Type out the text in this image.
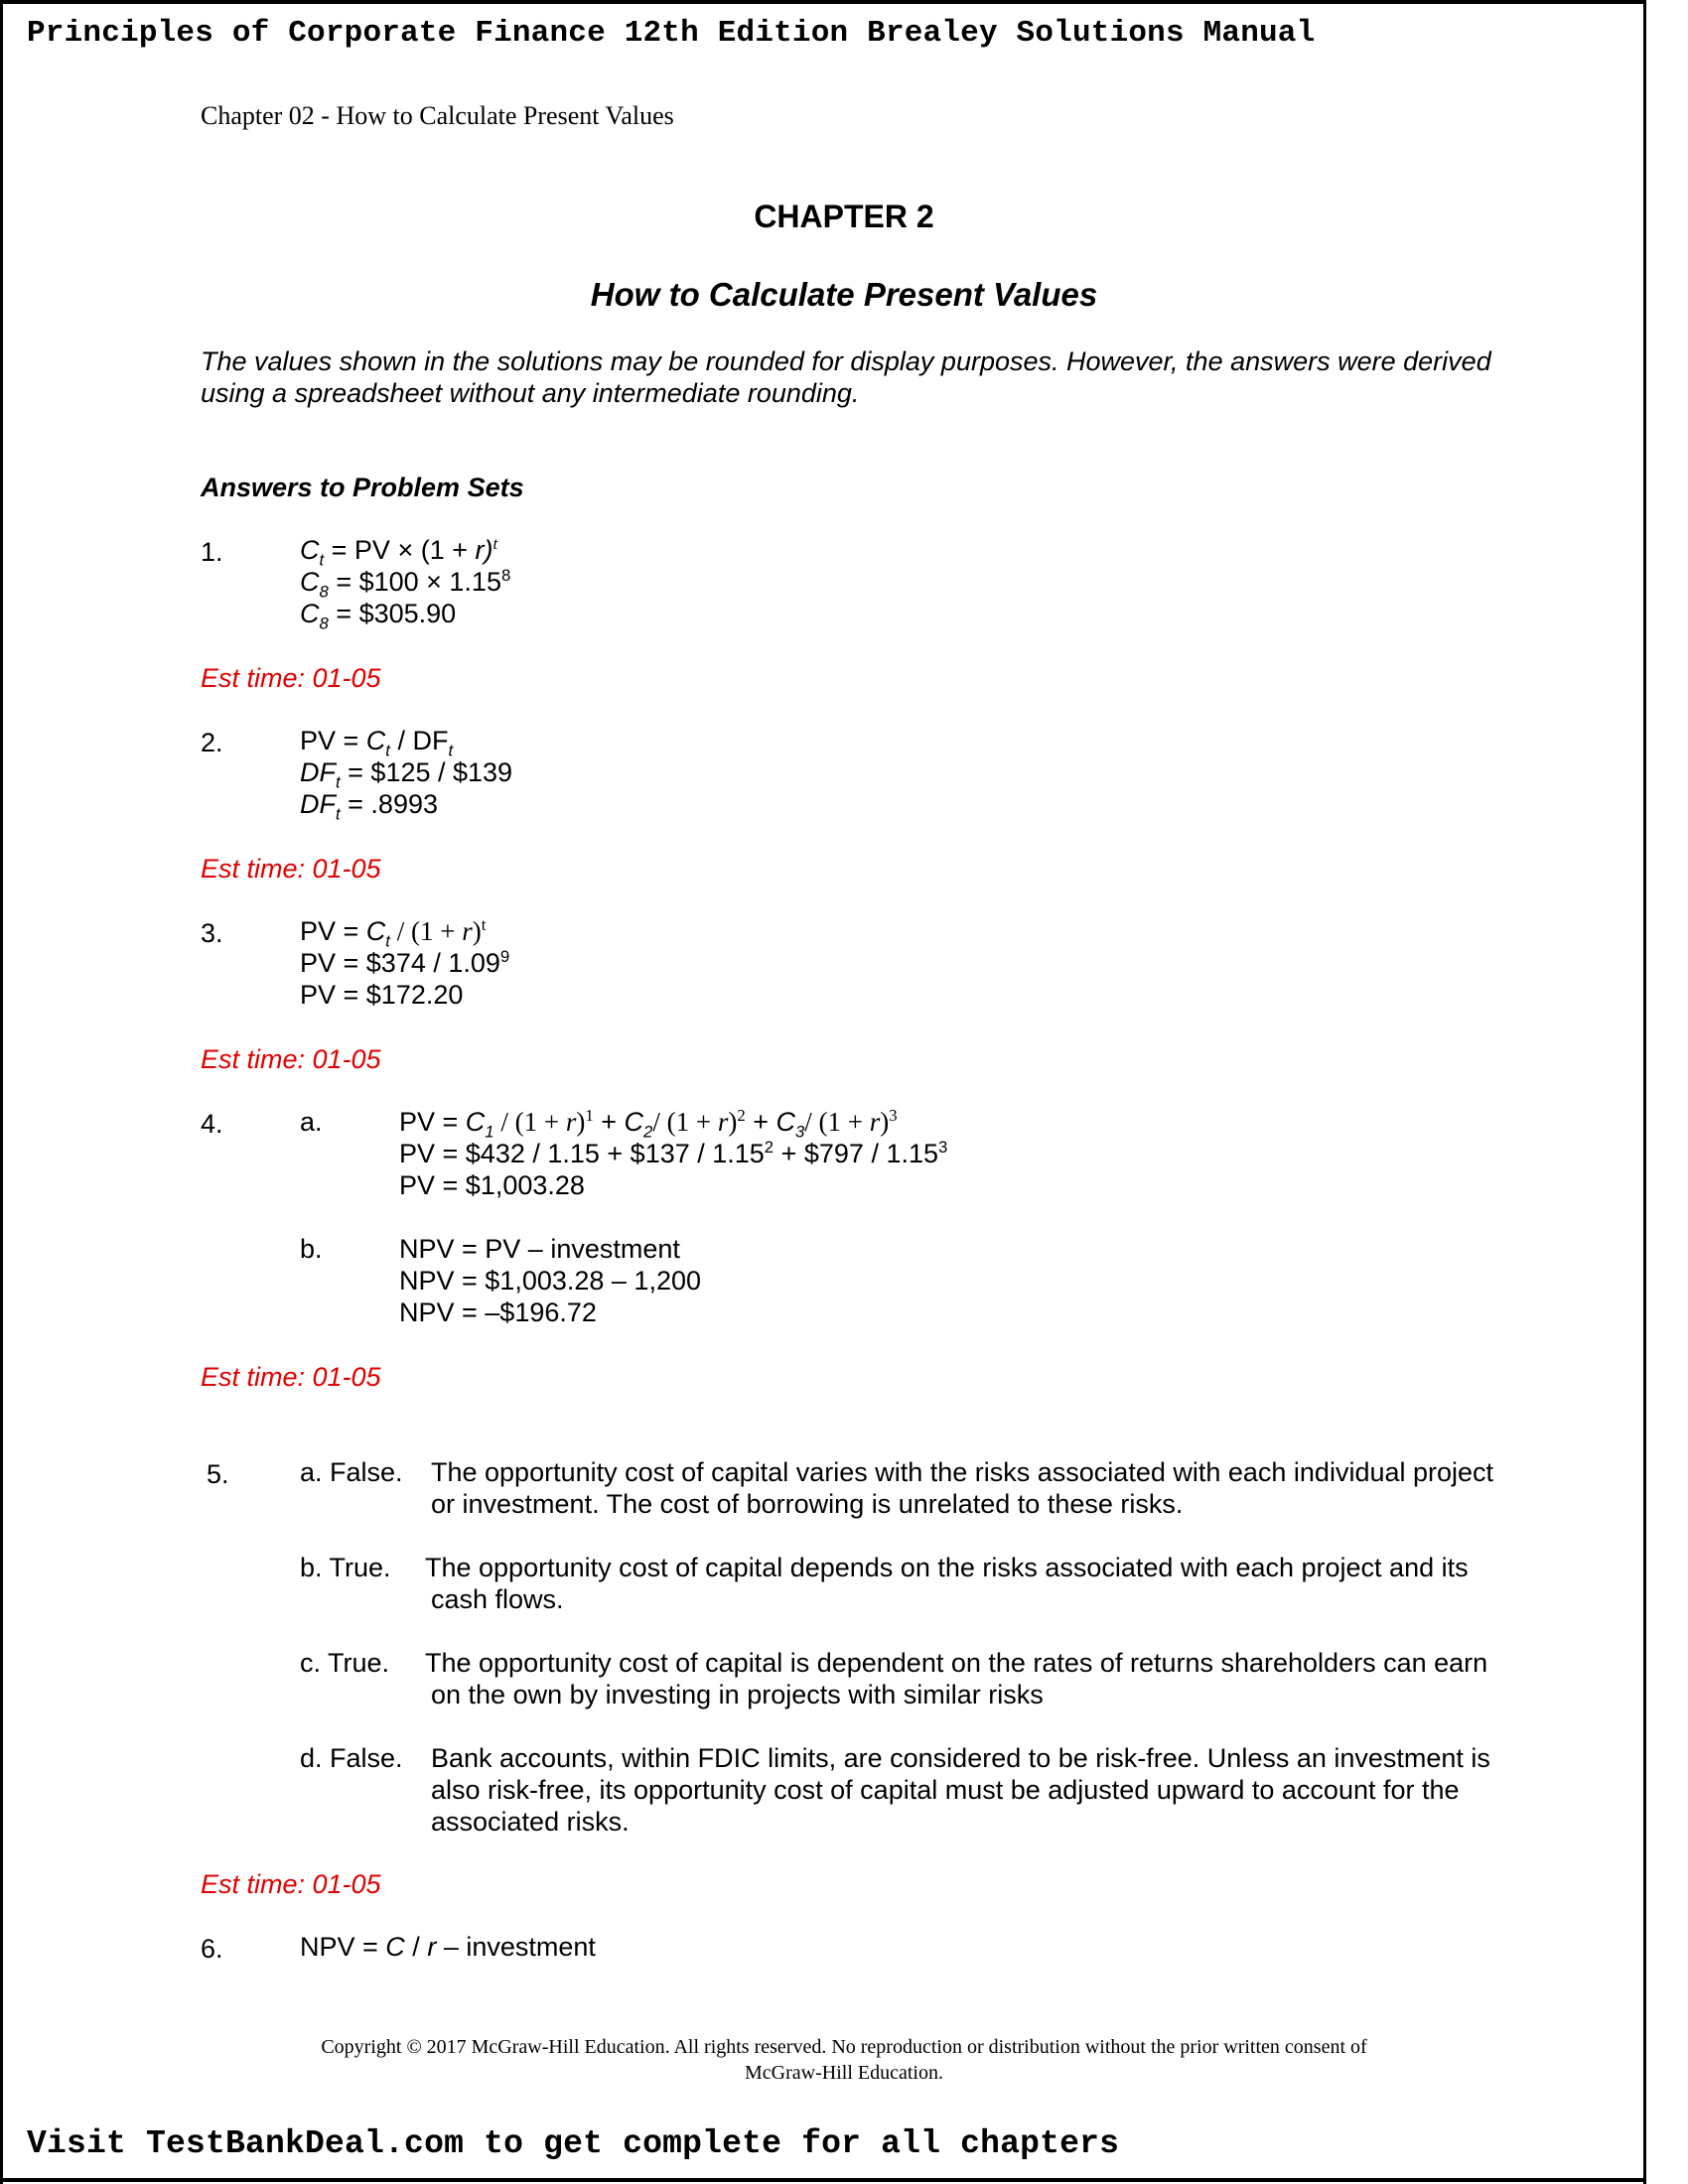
Principles of Corporate Finance 12th Edition Brealey Solutions Manual
Chapter 02 - How to Calculate Present Values
CHAPTER 2
How to Calculate Present Values
The values shown in the solutions may be rounded for display purposes. However, the answers were derived using a spreadsheet without any intermediate rounding.
Answers to Problem Sets
1.	$C_t$ = PV × $(1 + r)^t$
$C_8$ = $100 × $1.15^8$
$C_8$ = $305.90
Est time: 01-05
2.	PV = $C_t / DF_t$
$DF_t$ = $125 / $139
$DF_t = .8993$
Est time: 01-05
3.	PV = $C_t / (1 + r)^t$
PV = $374 / 1.09$^9$
PV = $172.20
Est time: 01-05
4.	a.	PV = $C_1 / (1 + r)^1 + C_2/$ $(1 + r)^2 + C_3/$ $(1 + r)^3$
PV = $432 / 1.15 + $137 / $1.15^2$ + $797 / 1.15$^3$
PV = $1,003.28
b.	NPV = PV – investment
NPV = $1,003.28 – 1,200
NPV = –$196.72
Est time: 01-05
5.	a. False. The opportunity cost of capital varies with the risks associated with each individual project or investment. The cost of borrowing is unrelated to these risks.
b. True. The opportunity cost of capital depends on the risks associated with each project and its cash flows.
c. True. The opportunity cost of capital is dependent on the rates of returns shareholders can earn on the own by investing in projects with similar risks
d. False. Bank accounts, within FDIC limits, are considered to be risk-free. Unless an investment is also risk-free, its opportunity cost of capital must be adjusted upward to account for the associated risks.
Est time: 01-05
6.	NPV = C / r – investment
Copyright © 2017 McGraw-Hill Education. All rights reserved. No reproduction or distribution without the prior written consent of
McGraw-Hill Education.
Visit TestBankDeal.com to get complete for all chapters
